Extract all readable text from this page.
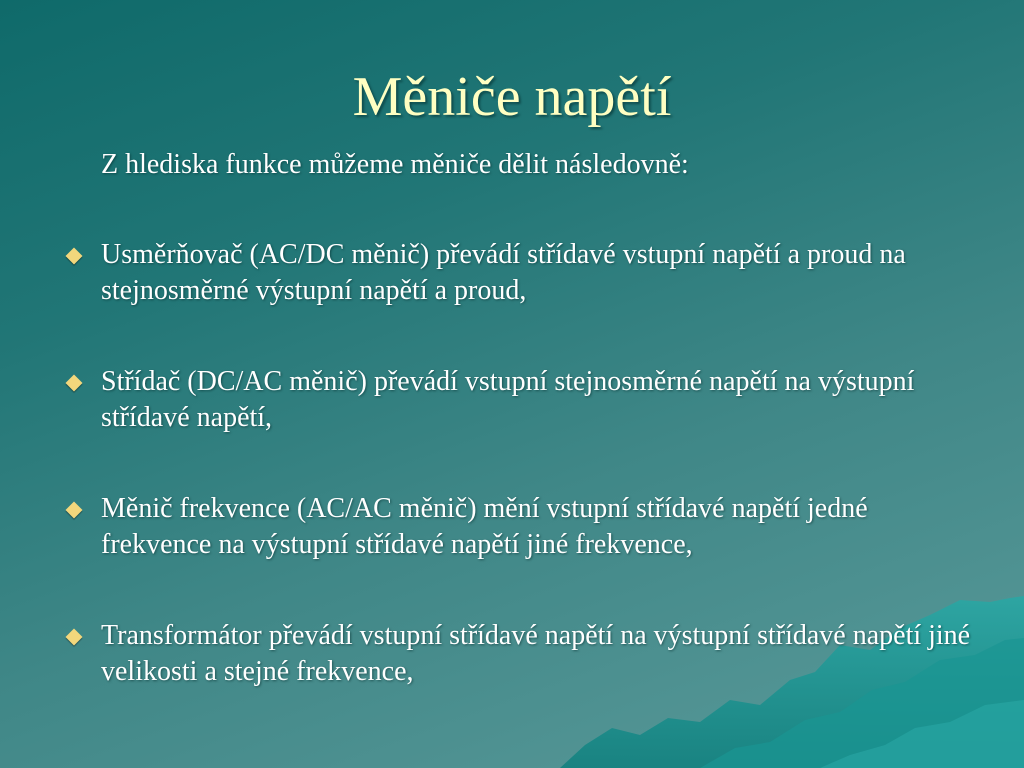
Měniče napětí
Z hlediska funkce můžeme měniče dělit následovně:
Usměrňovač (AC/DC měnič) převádí střídavé vstupní napětí a proud na stejnosměrné výstupní napětí a proud,
Střídač (DC/AC měnič) převádí vstupní stejnosměrné napětí na výstupní střídavé napětí,
Měnič frekvence (AC/AC měnič) mění vstupní střídavé napětí jedné frekvence na výstupní střídavé napětí jiné frekvence,
Transformátor převádí vstupní střídavé napětí na výstupní střídavé napětí jiné velikosti a stejné frekvence,
